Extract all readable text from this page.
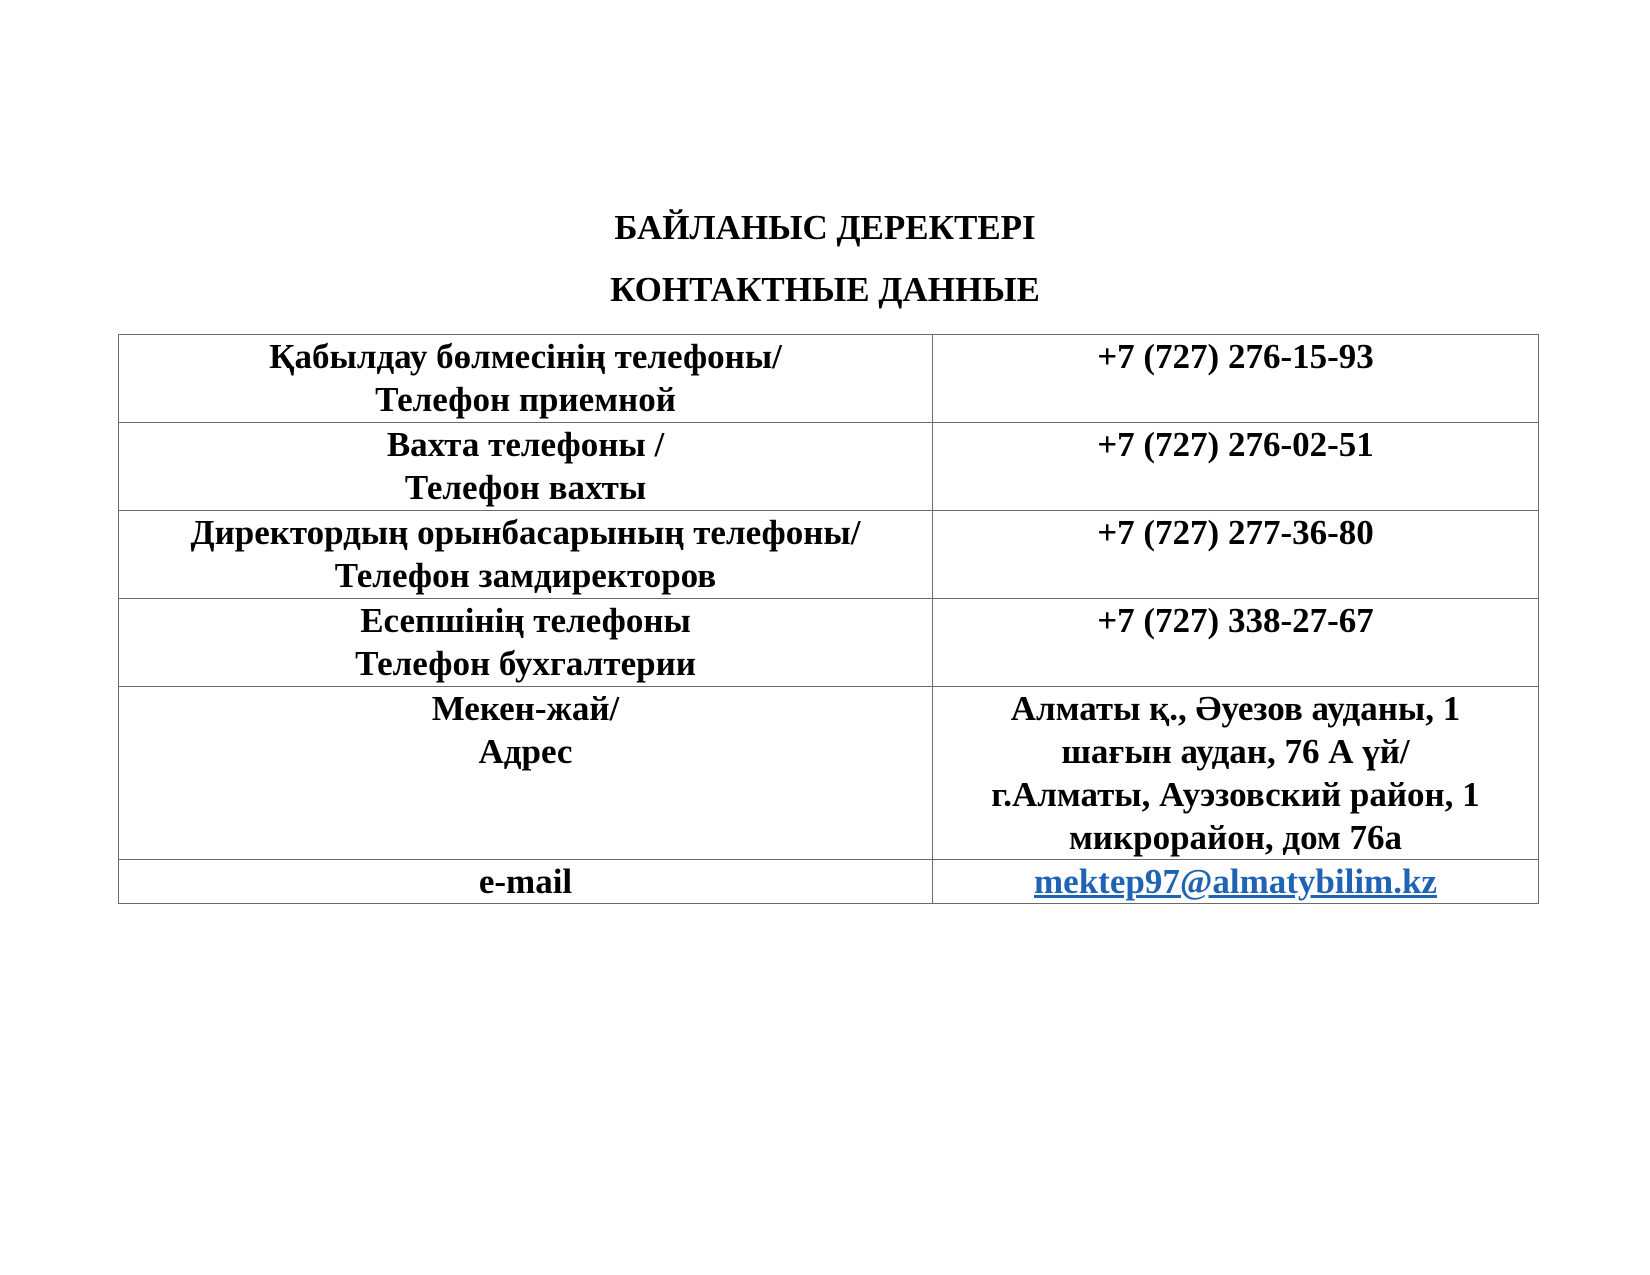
БАЙЛАНЫС ДЕРЕКТЕРІ
КОНТАКТНЫЕ ДАННЫЕ
Қабылдау бөлмесінің телефоны/
Телефон приемной	+7 (727) 276-15-93

Вахта телефоны /
Телефон вахты	+7 (727) 276-02-51

Директордың орынбасарының телефоны/
Телефон замдиректоров	+7 (727) 277-36-80

Есепшінің телефоны
Телефон бухгалтерии	+7 (727) 338-27-67

Мекен-жай/
Адрес	Алматы қ., Әуезов ауданы, 1
шағын аудан, 76 А үй/
г.Алматы, Ауэзовский район, 1
микрорайон, дом 76а

e-mail	mektep97@almatybilim.kz
